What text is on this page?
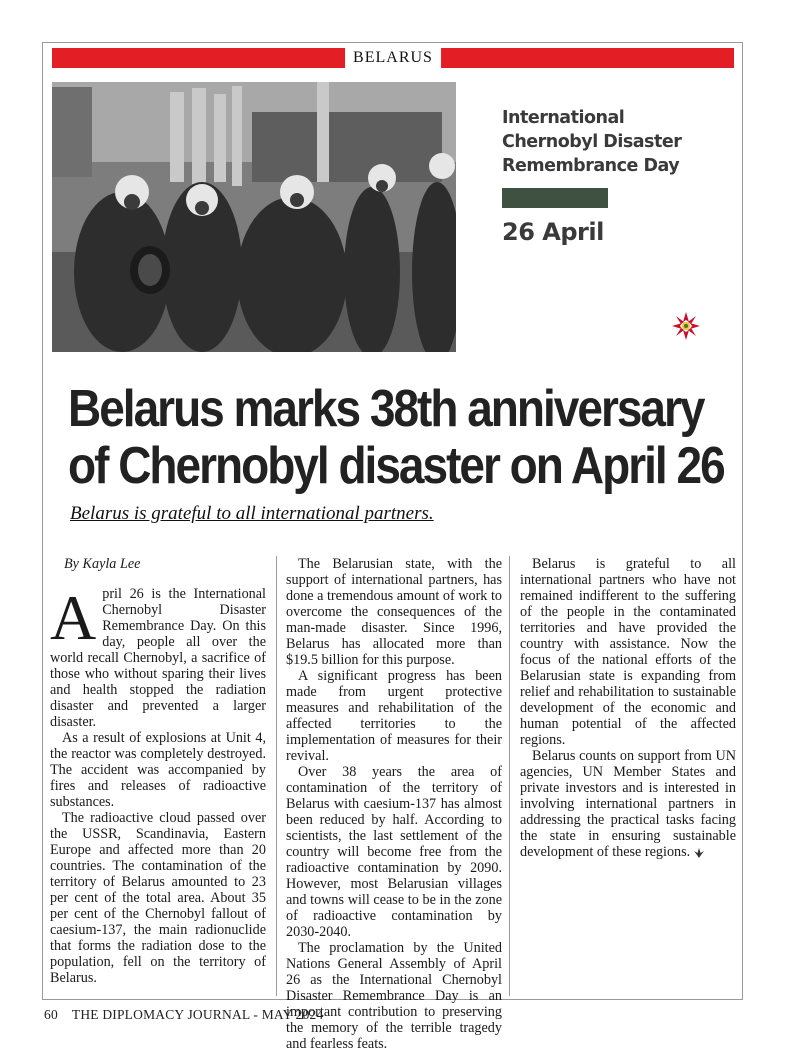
BELARUS
International Chernobyl Disaster Remembrance Day
26 April
Belarus marks 38th anniversary of Chernobyl disaster on April 26
Belarus is grateful to all international partners.

By Kayla Lee

April 26 is the International Chernobyl Disaster Remembrance Day. On this day, people all over the world recall Chernobyl, a sacrifice of those who without sparing their lives and health stopped the radiation disaster and prevented a larger disaster.

As a result of explosions at Unit 4, the reactor was completely destroyed. The accident was accompanied by fires and releases of radioactive substances.

The radioactive cloud passed over the USSR, Scandinavia, Eastern Europe and affected more than 20 countries. The contamination of the territory of Belarus amounted to 23 per cent of the total area. About 35 per cent of the Chernobyl fallout of caesium-137, the main radionuclide that forms the radiation dose to the population, fell on the territory of Belarus.

The Belarusian state, with the support of international partners, has done a tremendous amount of work to overcome the consequences of the man-made disaster. Since 1996, Belarus has allocated more than $19.5 billion for this purpose.

A significant progress has been made from urgent protective measures and rehabilitation of the affected territories to the implementation of measures for their revival.

Over 38 years the area of contamination of the territory of Belarus with caesium-137 has almost been reduced by half. According to scientists, the last settlement of the country will become free from the radioactive contamination by 2090. However, most Belarusian villages and towns will cease to be in the zone of radioactive contamination by 2030-2040.

The proclamation by the United Nations General Assembly of April 26 as the International Chernobyl Disaster Remembrance Day is an important contribution to preserving the memory of the terrible tragedy and fearless feats.

Belarus is grateful to all international partners who have not remained indifferent to the suffering of the people in the contaminated territories and have provided the country with assistance. Now the focus of the national efforts of the Belarusian state is expanding from relief and rehabilitation to sustainable development of the economic and human potential of the affected regions.

Belarus counts on support from UN agencies, UN Member States and private investors and is interested in involving international partners in addressing the practical tasks facing the state in ensuring sustainable development of these regions.

60 THE DIPLOMACY JOURNAL - MAY 2024
